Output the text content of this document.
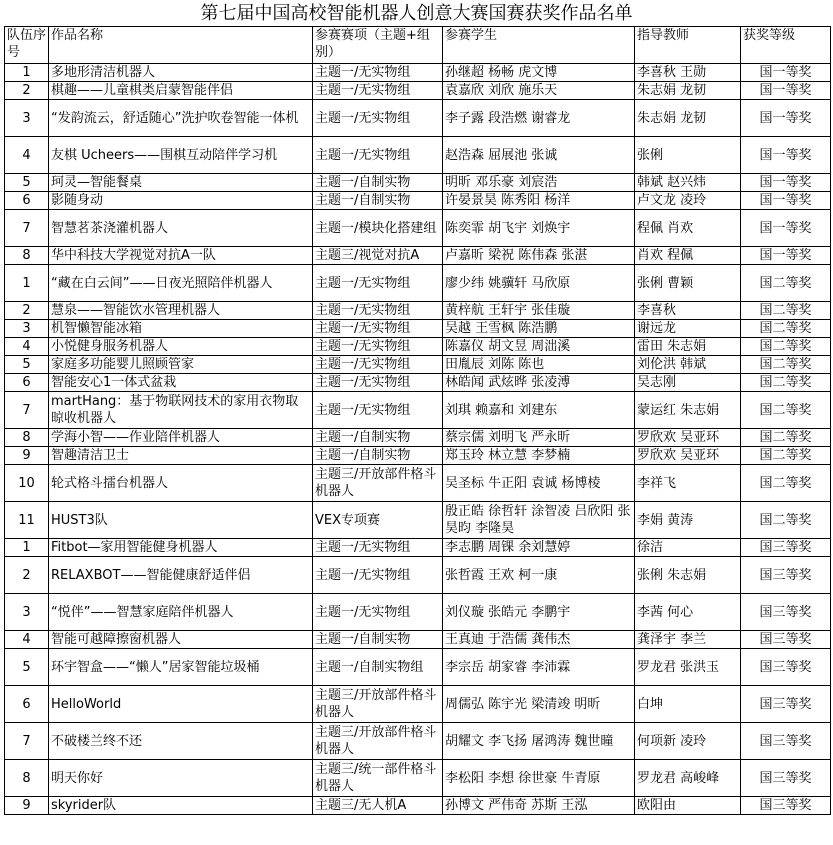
第七届中国高校智能机器人创意大赛国赛获奖作品名单
队伍序号	作品名称	参赛赛项（主题+组别）	参赛学生	指导教师	获奖等级
1	多地形清洁机器人	主题一/无实物组	孙继超 杨畅 虎文博	李喜秋 王勋	国一等奖
2	棋趣——儿童棋类启蒙智能伴侣	主题一/无实物组	袁嘉欣 刘欣 施乐天	朱志娟 龙韧	国一等奖
3	“发韵流云，舒适随心”洗护吹卷智能一体机	主题一/无实物组	李子露 段浩燃 谢睿龙	朱志娟 龙韧	国一等奖
4	友棋 Ucheers——围棋互动陪伴学习机	主题一/无实物组	赵浩森 屈展池 张诚	张俐	国一等奖
5	珂灵—智能餐桌	主题一/自制实物	明昕 邓乐豪 刘宸浩	韩斌 赵兴炜	国一等奖
6	影随身动	主题一/自制实物	许晏景昊 陈秀阳 杨洋	卢文龙 凌玲	国一等奖
7	智慧茗茶浇灌机器人	主题一/模块化搭建组	陈奕霏 胡飞宇 刘焕宇	程佩 肖欢	国一等奖
8	华中科技大学视觉对抗A一队	主题三/视觉对抗A	卢嘉昕 梁祝 陈伟森 张湛	肖欢 程佩	国一等奖
1	“藏在白云间”——日夜光照陪伴机器人	主题一/无实物组	廖少纬 姚骥轩 马欣原	张俐 曹颖	国二等奖
2	慧泉——智能饮水管理机器人	主题一/无实物组	黄梓航 王轩宇 张佳璇	李喜秋	国二等奖
3	机智懒智能冰箱	主题一/无实物组	吴越 王雪枫 陈浩鹏	谢远龙	国二等奖
4	小悦健身服务机器人	主题一/无实物组	陈嘉仪 胡文昱 周泏溪	雷田 朱志娟	国二等奖
5	家庭多功能婴儿照顾管家	主题一/无实物组	田胤辰 刘陈 陈也	刘伦洪 韩斌	国二等奖
6	智能安心1一体式盆栽	主题一/无实物组	林皓闻 武炫晔 张凌溥	吴志刚	国二等奖
7	martHang：基于物联网技术的家用衣物取晾收机器人	主题一/无实物组	刘琪 赖嘉和 刘建东	蒙运红 朱志娟	国二等奖
8	学海小智——作业陪伴机器人	主题一/自制实物	蔡宗儒 刘明飞 严永昕	罗欣欢 吴亚环	国二等奖
9	智趣清洁卫士	主题一/自制实物	郑玉玲 林立慧 李梦楠	罗欣欢 吴亚环	国二等奖
10	轮式格斗擂台机器人	主题三/开放部件格斗机器人	吴圣标 牛正阳 袁诚 杨博棱	李祥飞	国二等奖
11	HUST3队	VEX专项赛	殷正皓 徐哲轩 涂智凌 吕欣阳 张昊昀 李隆昊	李娟 黄涛	国二等奖
1	Fitbot—家用智能健身机器人	主题一/无实物组	李志鹏 周锞 余刘慧婷	徐洁	国三等奖
2	RELAXBOT——智能健康舒适伴侣	主题一/无实物组	张哲霞 王欢 柯一康	张俐 朱志娟	国三等奖
3	“悦伴”——智慧家庭陪伴机器人	主题一/无实物组	刘仪璇 张皓元 李鹏宇	李茜 何心	国三等奖
4	智能可越障擦窗机器人	主题一/自制实物	王真迪 于浩儒 龚伟杰	龚泽宇 李兰	国三等奖
5	环宇智盒——“懒人”居家智能垃圾桶	主题一/自制实物组	李宗岳 胡家睿 李沛霖	罗龙君 张洪玉	国三等奖
6	HelloWorld	主题三/开放部件格斗机器人	周儒弘 陈宇光 梁清竣 明昕	白坤	国三等奖
7	不破楼兰终不还	主题三/开放部件格斗机器人	胡耀文 李飞扬 屠鸿涛 魏世曈	何项新 凌玲	国三等奖
8	明天你好	主题三/统一部件格斗机器人	李松阳 李想 徐世豪 牛青原	罗龙君 高峻峰	国三等奖
9	skyrider队	主题三/无人机A	孙博文 严伟奇 苏斯 王泓	欧阳由	国三等奖
